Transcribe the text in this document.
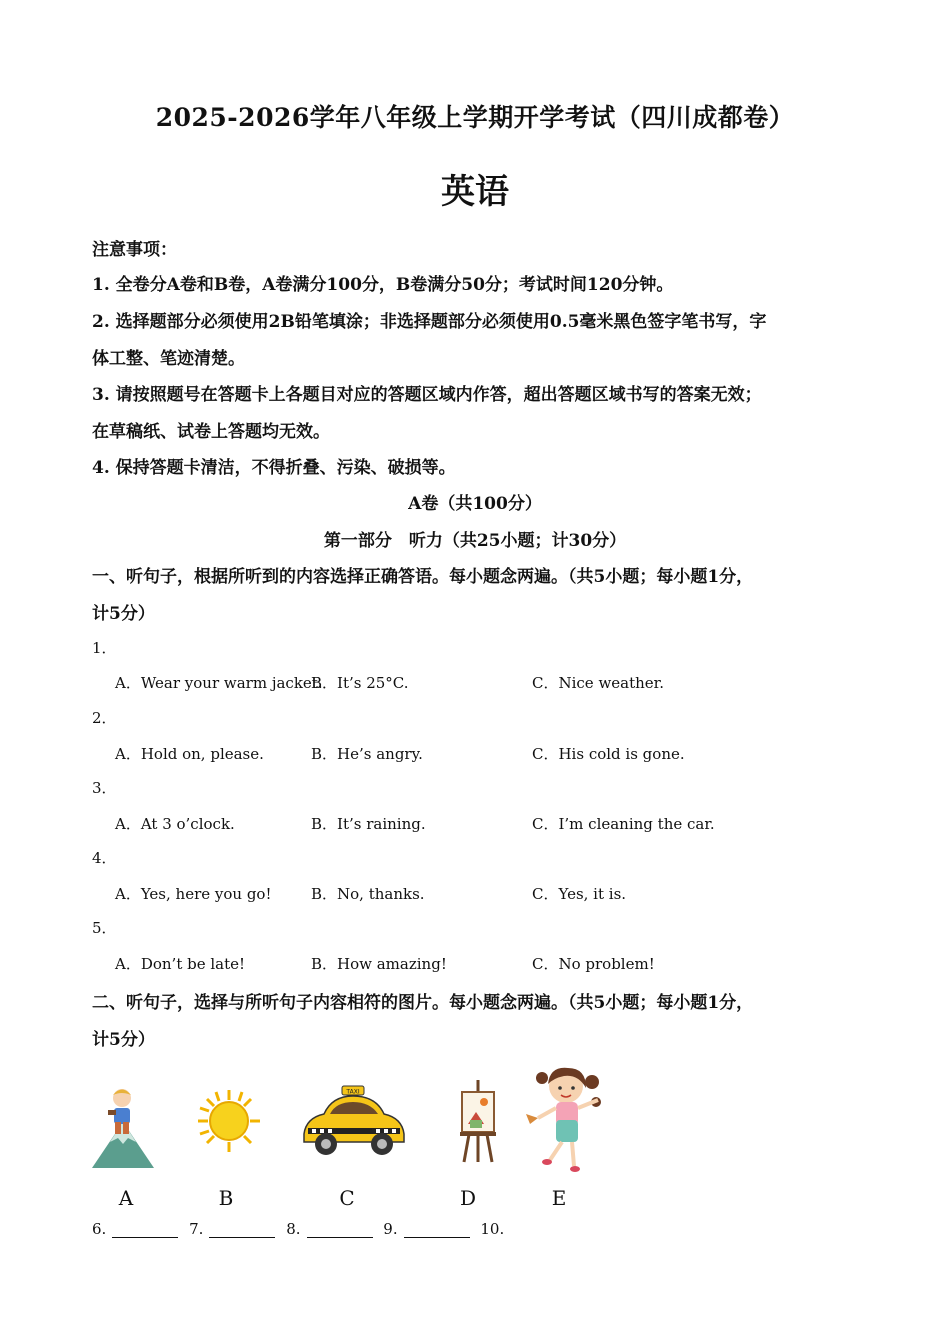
2025-2026学年八年级上学期开学考试（四川成都卷）
英语
注意事项：
1. 全卷分A卷和B卷，A卷满分100分，B卷满分50分；考试时间120分钟。
2. 选择题部分必须使用2B铅笔填涂；非选择题部分必须使用0.5毫米黑色签字笔书写，字
体工整、笔迹清楚。
3. 请按照题号在答题卡上各题目对应的答题区域内作答，超出答题区域书写的答案无效；
在草稿纸、试卷上答题均无效。
4. 保持答题卡清洁，不得折叠、污染、破损等。
A卷（共100分）
第一部分　听力（共25小题；计30分）
一、听句子，根据所听到的内容选择正确答语。每小题念两遍。（共5小题；每小题1分，
计5分）
1．
A．Wear your warm jacket.
B．It’s 25°C.	C．Nice weather.
2．
A．Hold on, please.	B．He’s angry.	C．His cold is gone.
3．
A．At 3 o’clock.	B．It’s raining.	C．I’m cleaning the car.
4．
A．Yes, here you go!	B．No, thanks.	C．Yes, it is.
5．
A．Don’t be late!	B．How amazing!	C．No problem!
二、听句子，选择与所听句子内容相符的图片。每小题念两遍。（共5小题；每小题1分，
计5分）
A	B
TAXI
C	D	E
6.	7.	8.	9.	10.
